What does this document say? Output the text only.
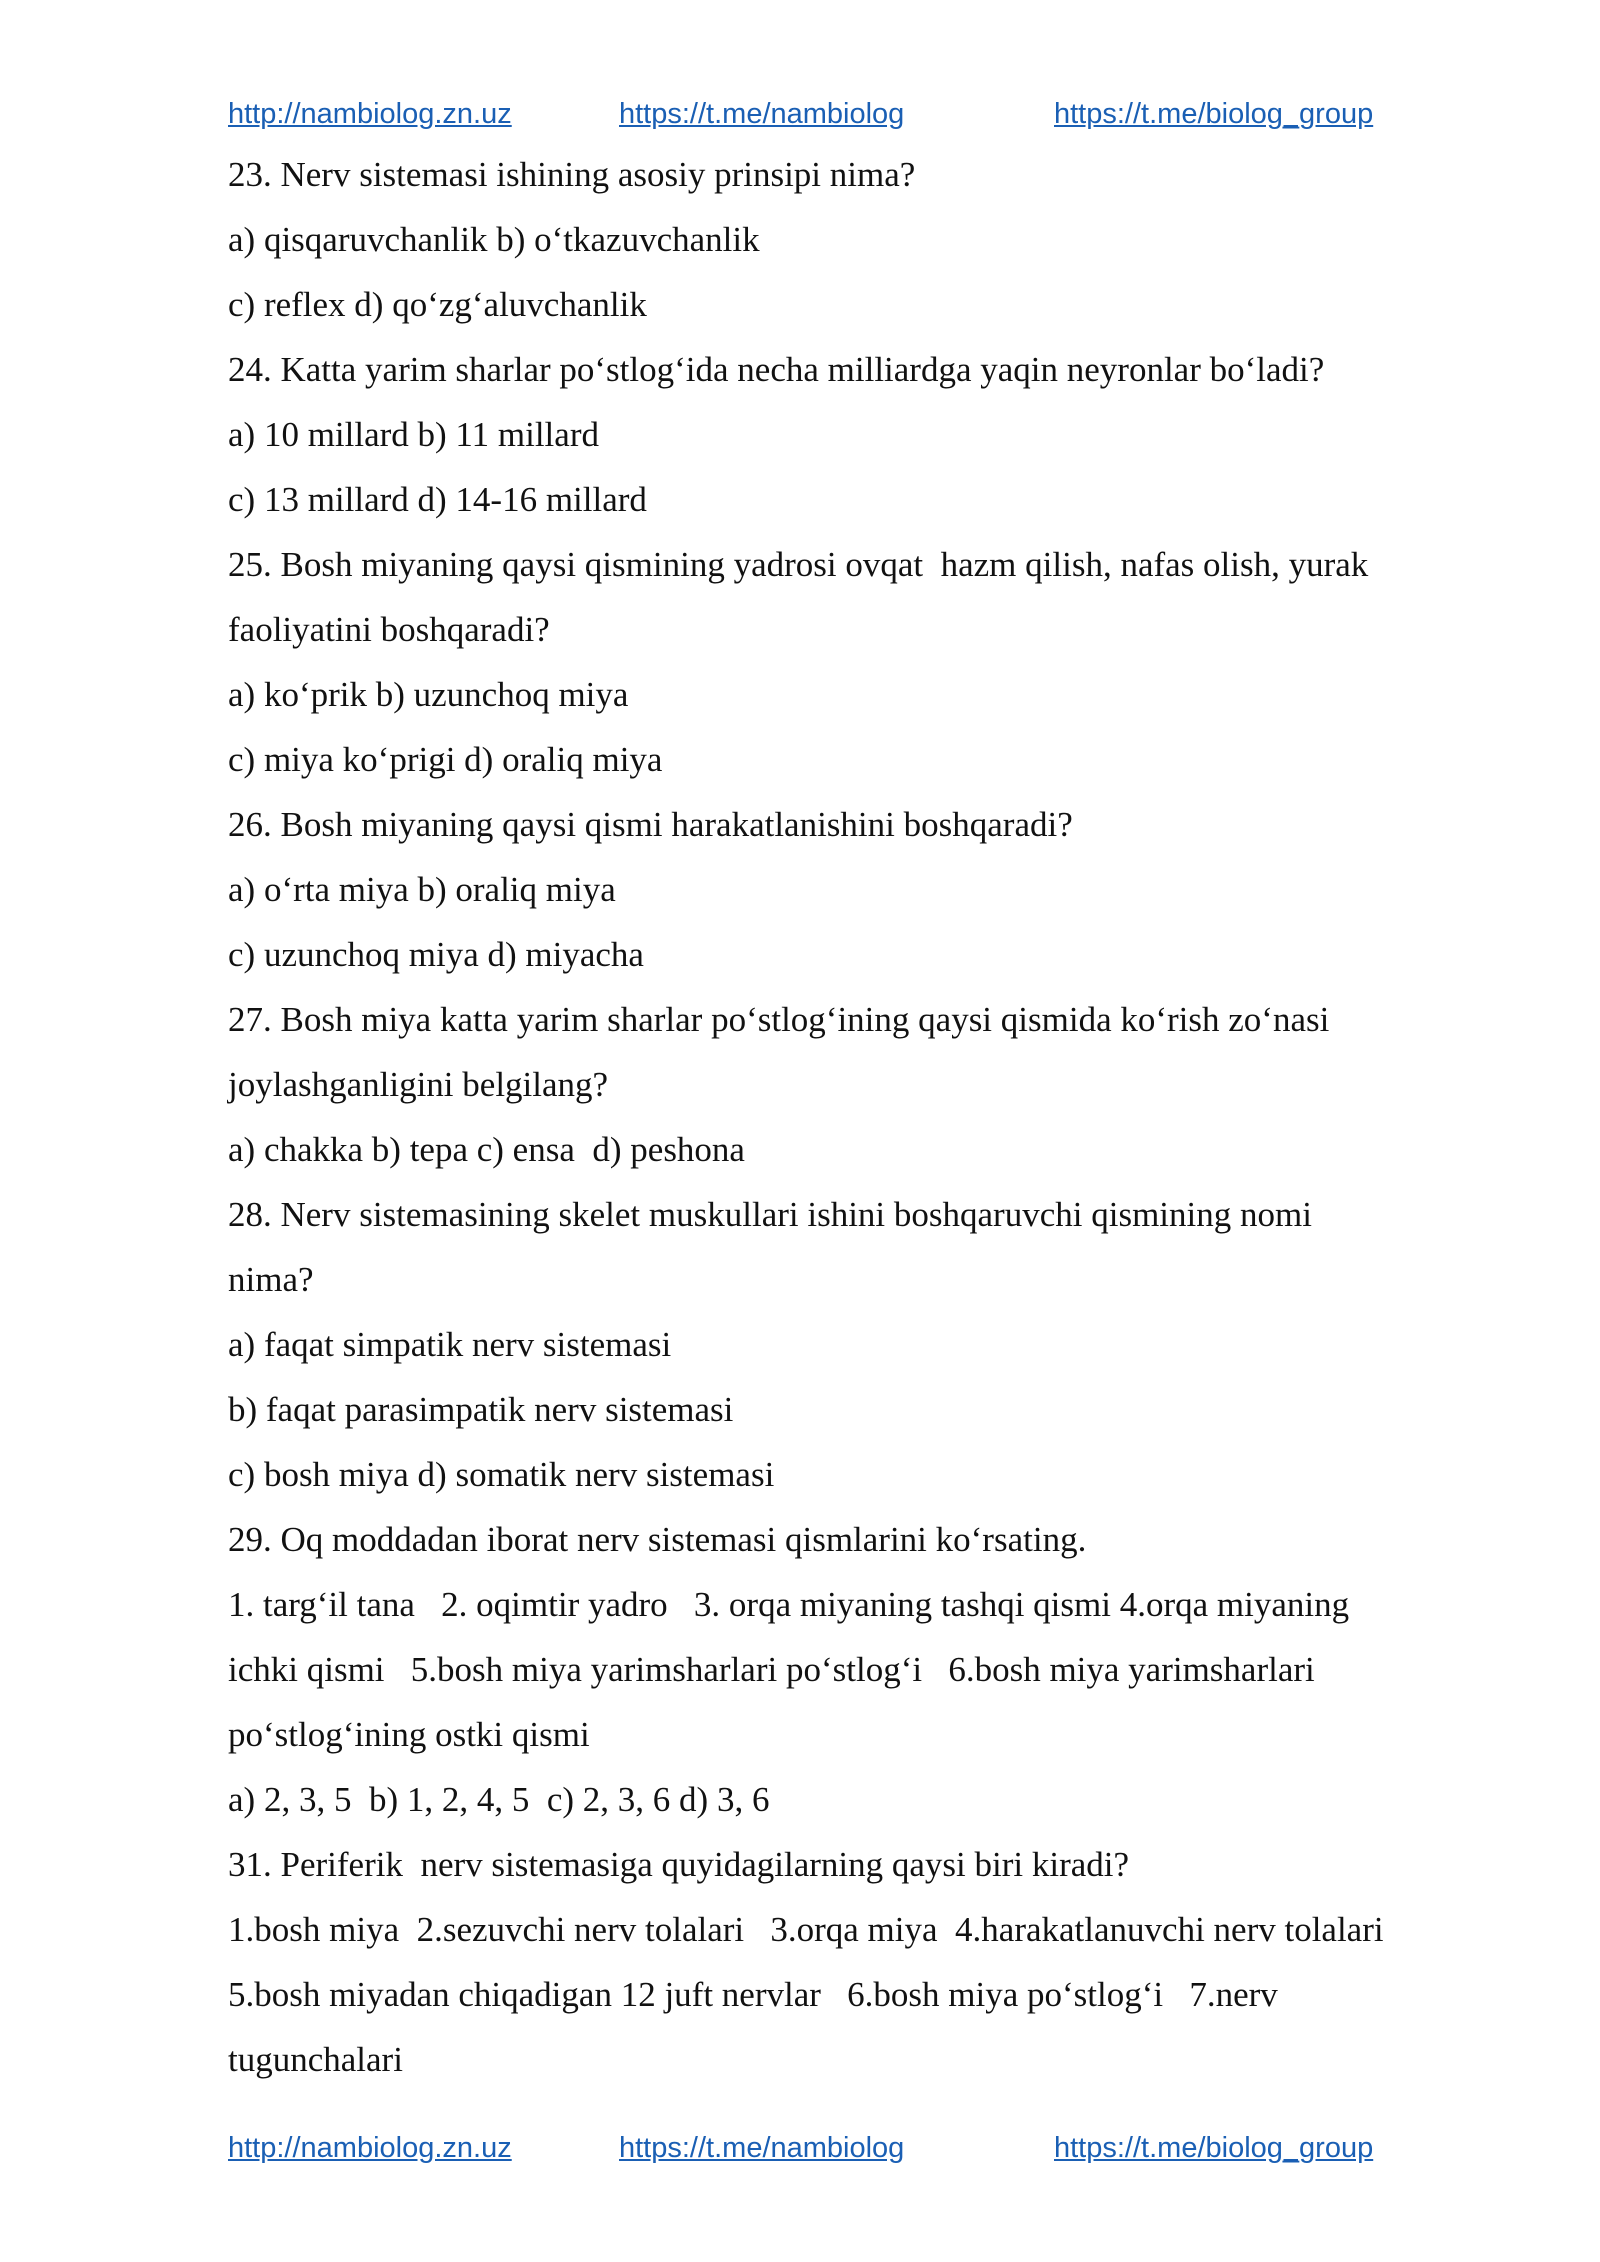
http://nambiolog.zn.uz	https://t.me/nambiolog	https://t.me/biolog_group
23. Nerv sistemasi ishining asosiy prinsipi nima?
a) qisqaruvchanlik b) o‘tkazuvchanlik
c) reflex d) qo‘zg‘aluvchanlik
24. Katta yarim sharlar po‘stlog‘ida necha milliardga yaqin neyronlar bo‘ladi?
a) 10 millard b) 11 millard
c) 13 millard d) 14-16 millard
25. Bosh miyaning qaysi qismining yadrosi ovqat  hazm qilish, nafas olish, yurak
faoliyatini boshqaradi?
a) ko‘prik b) uzunchoq miya
c) miya ko‘prigi d) oraliq miya
26. Bosh miyaning qaysi qismi harakatlanishini boshqaradi?
a) o‘rta miya b) oraliq miya
c) uzunchoq miya d) miyacha
27. Bosh miya katta yarim sharlar po‘stlog‘ining qaysi qismida ko‘rish zo‘nasi
joylashganligini belgilang?
a) chakka b) tepa c) ensa  d) peshona
28. Nerv sistemasining skelet muskullari ishini boshqaruvchi qismining nomi
nima?
a) faqat simpatik nerv sistemasi
b) faqat parasimpatik nerv sistemasi
c) bosh miya d) somatik nerv sistemasi
29. Oq moddadan iborat nerv sistemasi qismlarini ko‘rsating.
1. targ‘il tana   2. oqimtir yadro   3. orqa miyaning tashqi qismi 4.orqa miyaning
ichki qismi   5.bosh miya yarimsharlari po‘stlog‘i   6.bosh miya yarimsharlari
po‘stlog‘ining ostki qismi
a) 2, 3, 5  b) 1, 2, 4, 5  c) 2, 3, 6 d) 3, 6
31. Periferik  nerv sistemasiga quyidagilarning qaysi biri kiradi?
1.bosh miya  2.sezuvchi nerv tolalari   3.orqa miya  4.harakatlanuvchi nerv tolalari
5.bosh miyadan chiqadigan 12 juft nervlar   6.bosh miya po‘stlog‘i   7.nerv
tugunchalari
http://nambiolog.zn.uz	https://t.me/nambiolog	https://t.me/biolog_group
